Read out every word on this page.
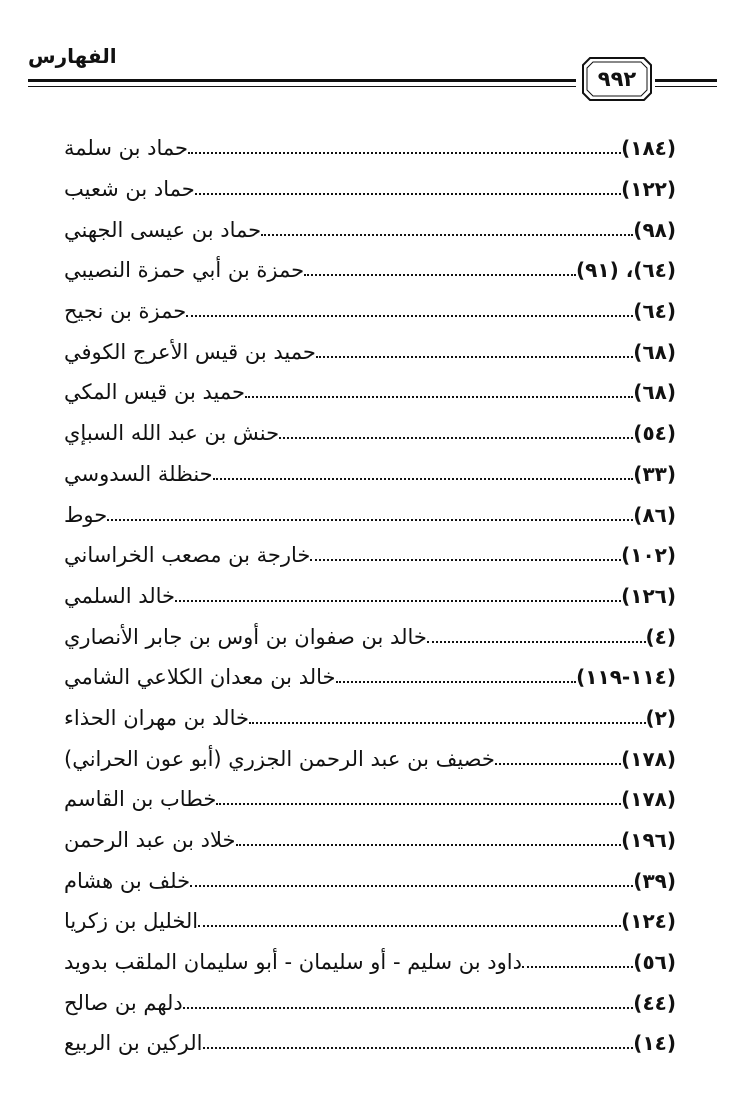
الفهارس
٩٩٢
حماد بن سلمة	(١٨٤)
حماد بن شعيب	(١٢٢)
حماد بن عيسى الجهني	(٩٨)
حمزة بن أبي حمزة النصيبي	(٦٤)، (٩١)
حمزة بن نجيح	(٦٤)
حميد بن قيس الأعرج الكوفي	(٦٨)
حميد بن قيس المكي	(٦٨)
حنش بن عبد الله السبإي	(٥٤)
حنظلة السدوسي	(٣٣)
حوط	(٨٦)
خارجة بن مصعب الخراساني	(١٠٢)
خالد السلمي	(١٢٦)
خالد بن صفوان بن أوس بن جابر الأنصاري	(٤)
خالد بن معدان الكلاعي الشامي	(١١٤-١١٩)
خالد بن مهران الحذاء	(٢)
خصيف بن عبد الرحمن الجزري (أبو عون الحراني)	(١٧٨)
خطاب بن القاسم	(١٧٨)
خلاد بن عبد الرحمن	(١٩٦)
خلف بن هشام	(٣٩)
الخليل بن زكريا	(١٢٤)
داود بن سليم - أو سليمان - أبو سليمان الملقب بدويد	(٥٦)
دلهم بن صالح	(٤٤)
الركين بن الربيع	(١٤)
